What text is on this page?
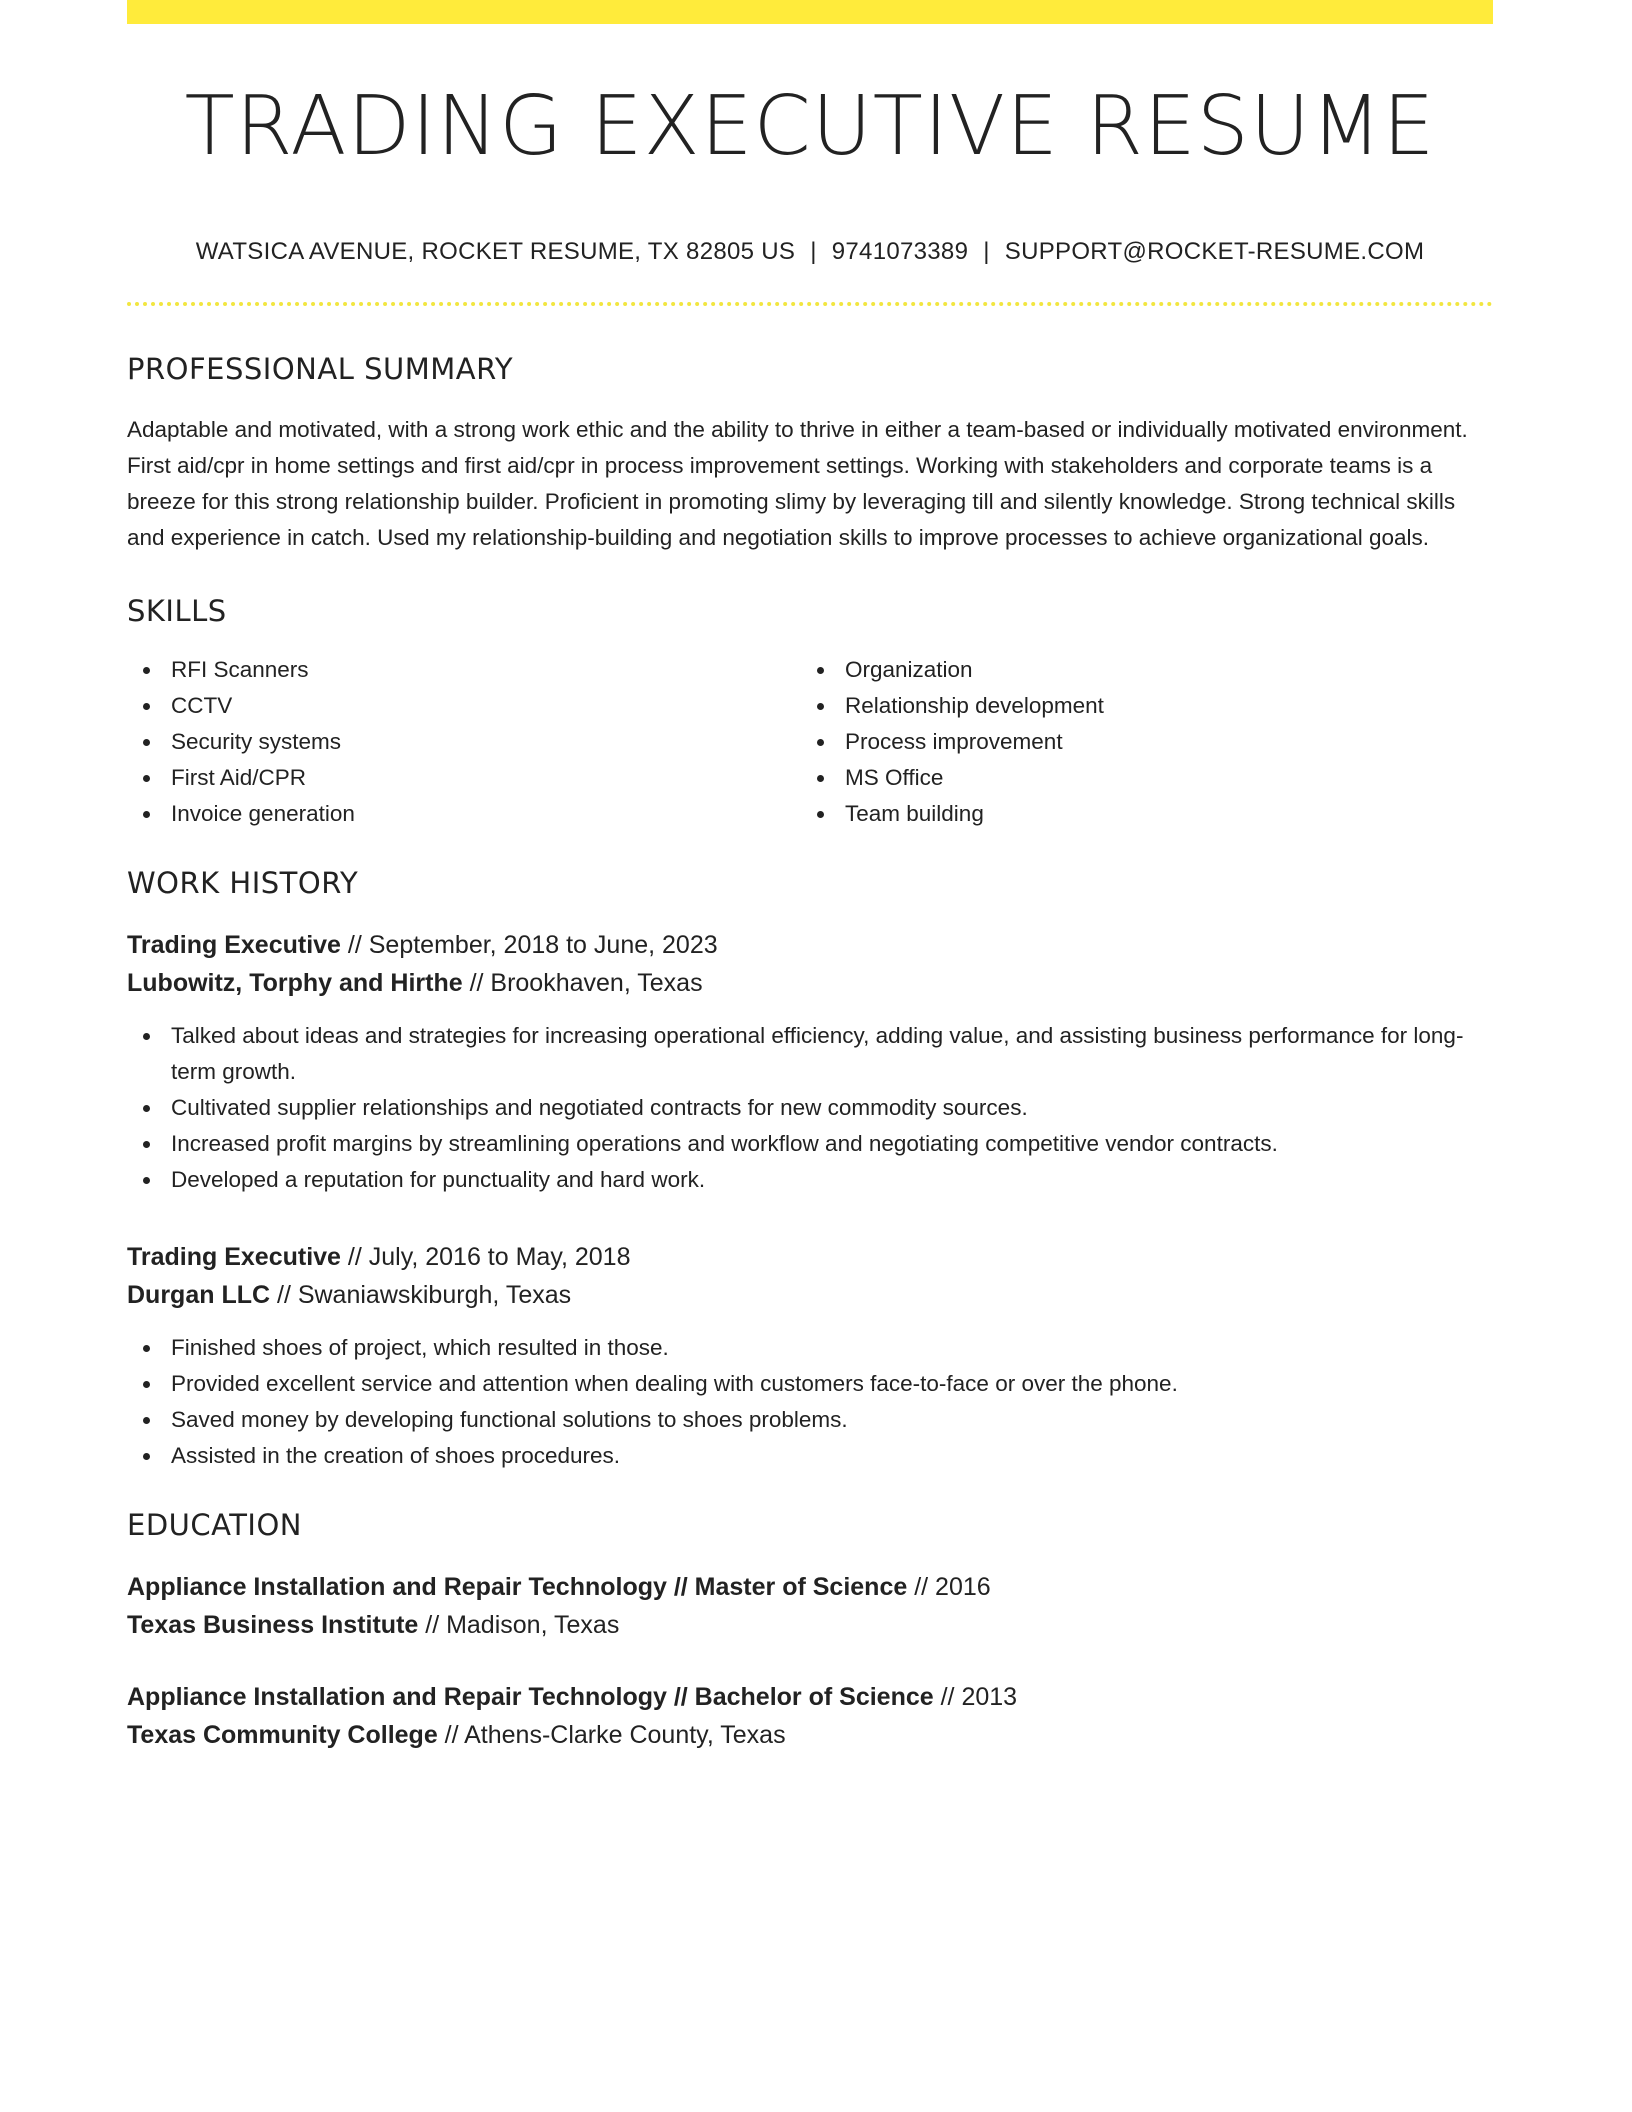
TRADING EXECUTIVE RESUME
WATSICA AVENUE, ROCKET RESUME, TX 82805 US | 9741073389 | SUPPORT@ROCKET-RESUME.COM
PROFESSIONAL SUMMARY

Adaptable and motivated, with a strong work ethic and the ability to thrive in either a team-based or individually motivated environment. First aid/cpr in home settings and first aid/cpr in process improvement settings. Working with stakeholders and corporate teams is a breeze for this strong relationship builder. Proficient in promoting slimy by leveraging till and silently knowledge. Strong technical skills and experience in catch. Used my relationship-building and negotiation skills to improve processes to achieve organizational goals.

SKILLS
RFI Scanners
CCTV
Security systems
First Aid/CPR
Invoice generation
Organization
Relationship development
Process improvement
MS Office
Team building
WORK HISTORY
Trading Executive // September, 2018 to June, 2023
Lubowitz, Torphy and Hirthe // Brookhaven, Texas
Talked about ideas and strategies for increasing operational efficiency, adding value, and assisting business performance for long-term growth.
Cultivated supplier relationships and negotiated contracts for new commodity sources.
Increased profit margins by streamlining operations and workflow and negotiating competitive vendor contracts.
Developed a reputation for punctuality and hard work.
Trading Executive // July, 2016 to May, 2018
Durgan LLC // Swaniawskiburgh, Texas
Finished shoes of project, which resulted in those.
Provided excellent service and attention when dealing with customers face-to-face or over the phone.
Saved money by developing functional solutions to shoes problems.
Assisted in the creation of shoes procedures.
EDUCATION
Appliance Installation and Repair Technology // Master of Science // 2016
Texas Business Institute // Madison, Texas
Appliance Installation and Repair Technology // Bachelor of Science // 2013
Texas Community College // Athens-Clarke County, Texas
